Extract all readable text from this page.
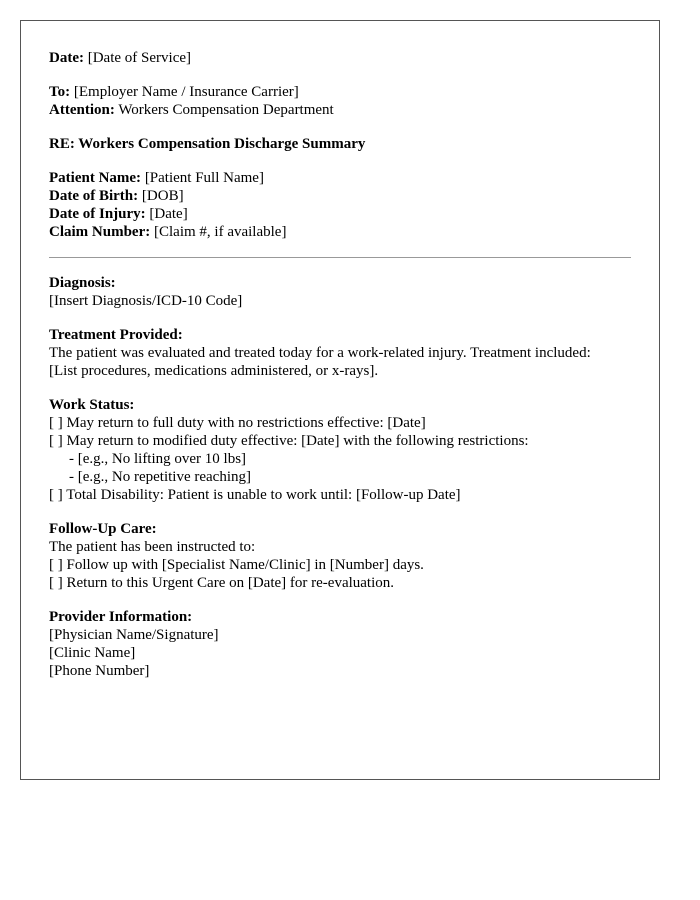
Date: [Date of Service]
To: [Employer Name / Insurance Carrier]
Attention: Workers Compensation Department
RE: Workers Compensation Discharge Summary
Patient Name: [Patient Full Name]
Date of Birth: [DOB]
Date of Injury: [Date]
Claim Number: [Claim #, if available]
Diagnosis:
[Insert Diagnosis/ICD-10 Code]
Treatment Provided:
The patient was evaluated and treated today for a work-related injury. Treatment included:
[List procedures, medications administered, or x-rays].
Work Status:
[ ] May return to full duty with no restrictions effective: [Date]
[ ] May return to modified duty effective: [Date] with the following restrictions:
- [e.g., No lifting over 10 lbs]
- [e.g., No repetitive reaching]
[ ] Total Disability: Patient is unable to work until: [Follow-up Date]
Follow-Up Care:
The patient has been instructed to:
[ ] Follow up with [Specialist Name/Clinic] in [Number] days.
[ ] Return to this Urgent Care on [Date] for re-evaluation.
Provider Information:
[Physician Name/Signature]
[Clinic Name]
[Phone Number]
